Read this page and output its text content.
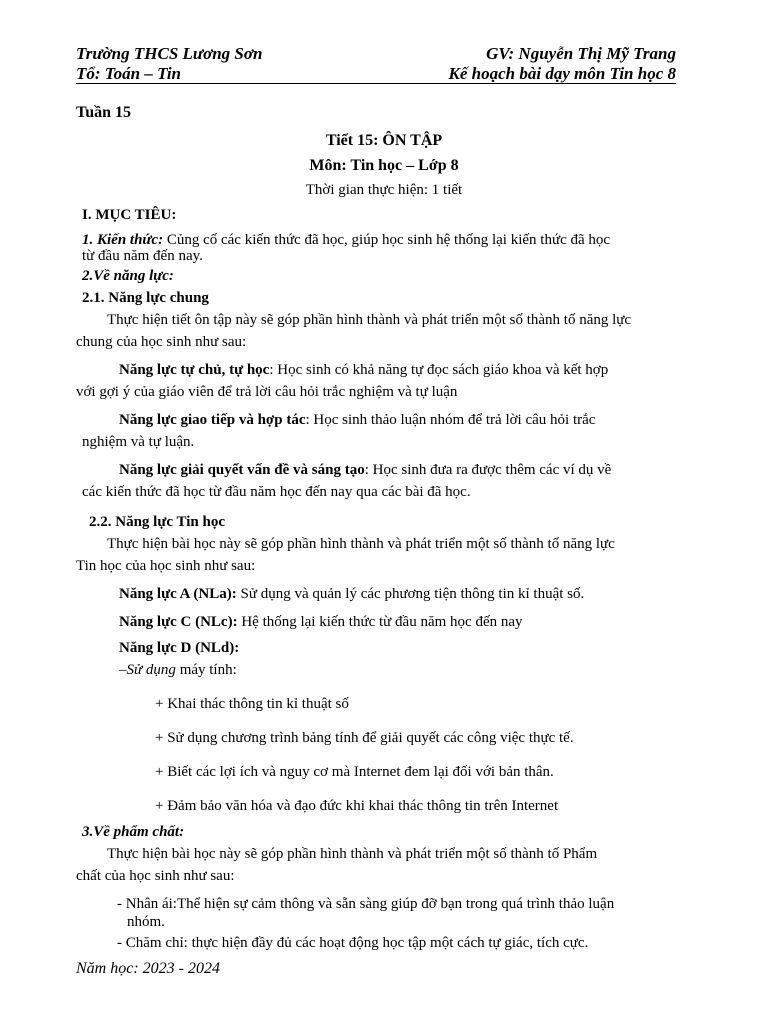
Trường THCS Lương Sơn	GV: Nguyễn Thị Mỹ Trang
Tổ: Toán – Tin	Kế hoạch bài dạy môn Tin học 8
Tuần 15
Tiết 15: ÔN TẬP
Môn: Tin học – Lớp 8
Thời gian thực hiện: 1 tiết
I. MỤC TIÊU:
1. Kiến thức: Củng cố các kiến thức đã học, giúp học sinh hệ thống lại kiến thức đã học
từ đầu năm đến nay.
2.Về năng lực:
2.1. Năng lực chung
Thực hiện tiết ôn tập này sẽ góp phần hình thành và phát triển một số thành tố năng lực
chung của học sinh như sau:
Năng lực tự chủ, tự học: Học sinh có khả năng tự đọc sách giáo khoa và kết hợp
với gợi ý của giáo viên để trả lời câu hỏi trắc nghiệm và tự luận
Năng lực giao tiếp và hợp tác: Học sinh thảo luận nhóm để trả lời câu hỏi trắc
nghiệm và tự luận.
Năng lực giải quyết vấn đề và sáng tạo: Học sinh đưa ra được thêm các ví dụ về
các kiến thức đã học từ đầu năm học đến nay qua các bài đã học.
2.2. Năng lực Tin học
Thực hiện bài học này sẽ góp phần hình thành và phát triển một số thành tố năng lực
Tin học của học sinh như sau:
Năng lực A (NLa): Sử dụng và quản lý các phương tiện thông tin kỉ thuật số.
Năng lực C (NLc): Hệ thống lại kiến thức từ đầu năm học đến nay
Năng lực D (NLd):
–Sử dụng máy tính:
+ Khai thác thông tin kỉ thuật số
+ Sử dụng chương trình bảng tính để giải quyết các công việc thực tế.
+ Biết các lợi ích và nguy cơ mà Internet đem lại đối với bản thân.
+ Đảm bảo văn hóa và đạo đức khi khai thác thông tin trên Internet
3.Về phẩm chất:
Thực hiện bài học này sẽ góp phần hình thành và phát triển một số thành tố Phẩm
chất của học sinh như sau:
- Nhân ái:Thể hiện sự cảm thông và sẵn sàng giúp đỡ bạn trong quá trình thảo luận
nhóm.
- Chăm chỉ: thực hiện đầy đủ các hoạt động học tập một cách tự giác, tích cực.
Năm học: 2023 - 2024
